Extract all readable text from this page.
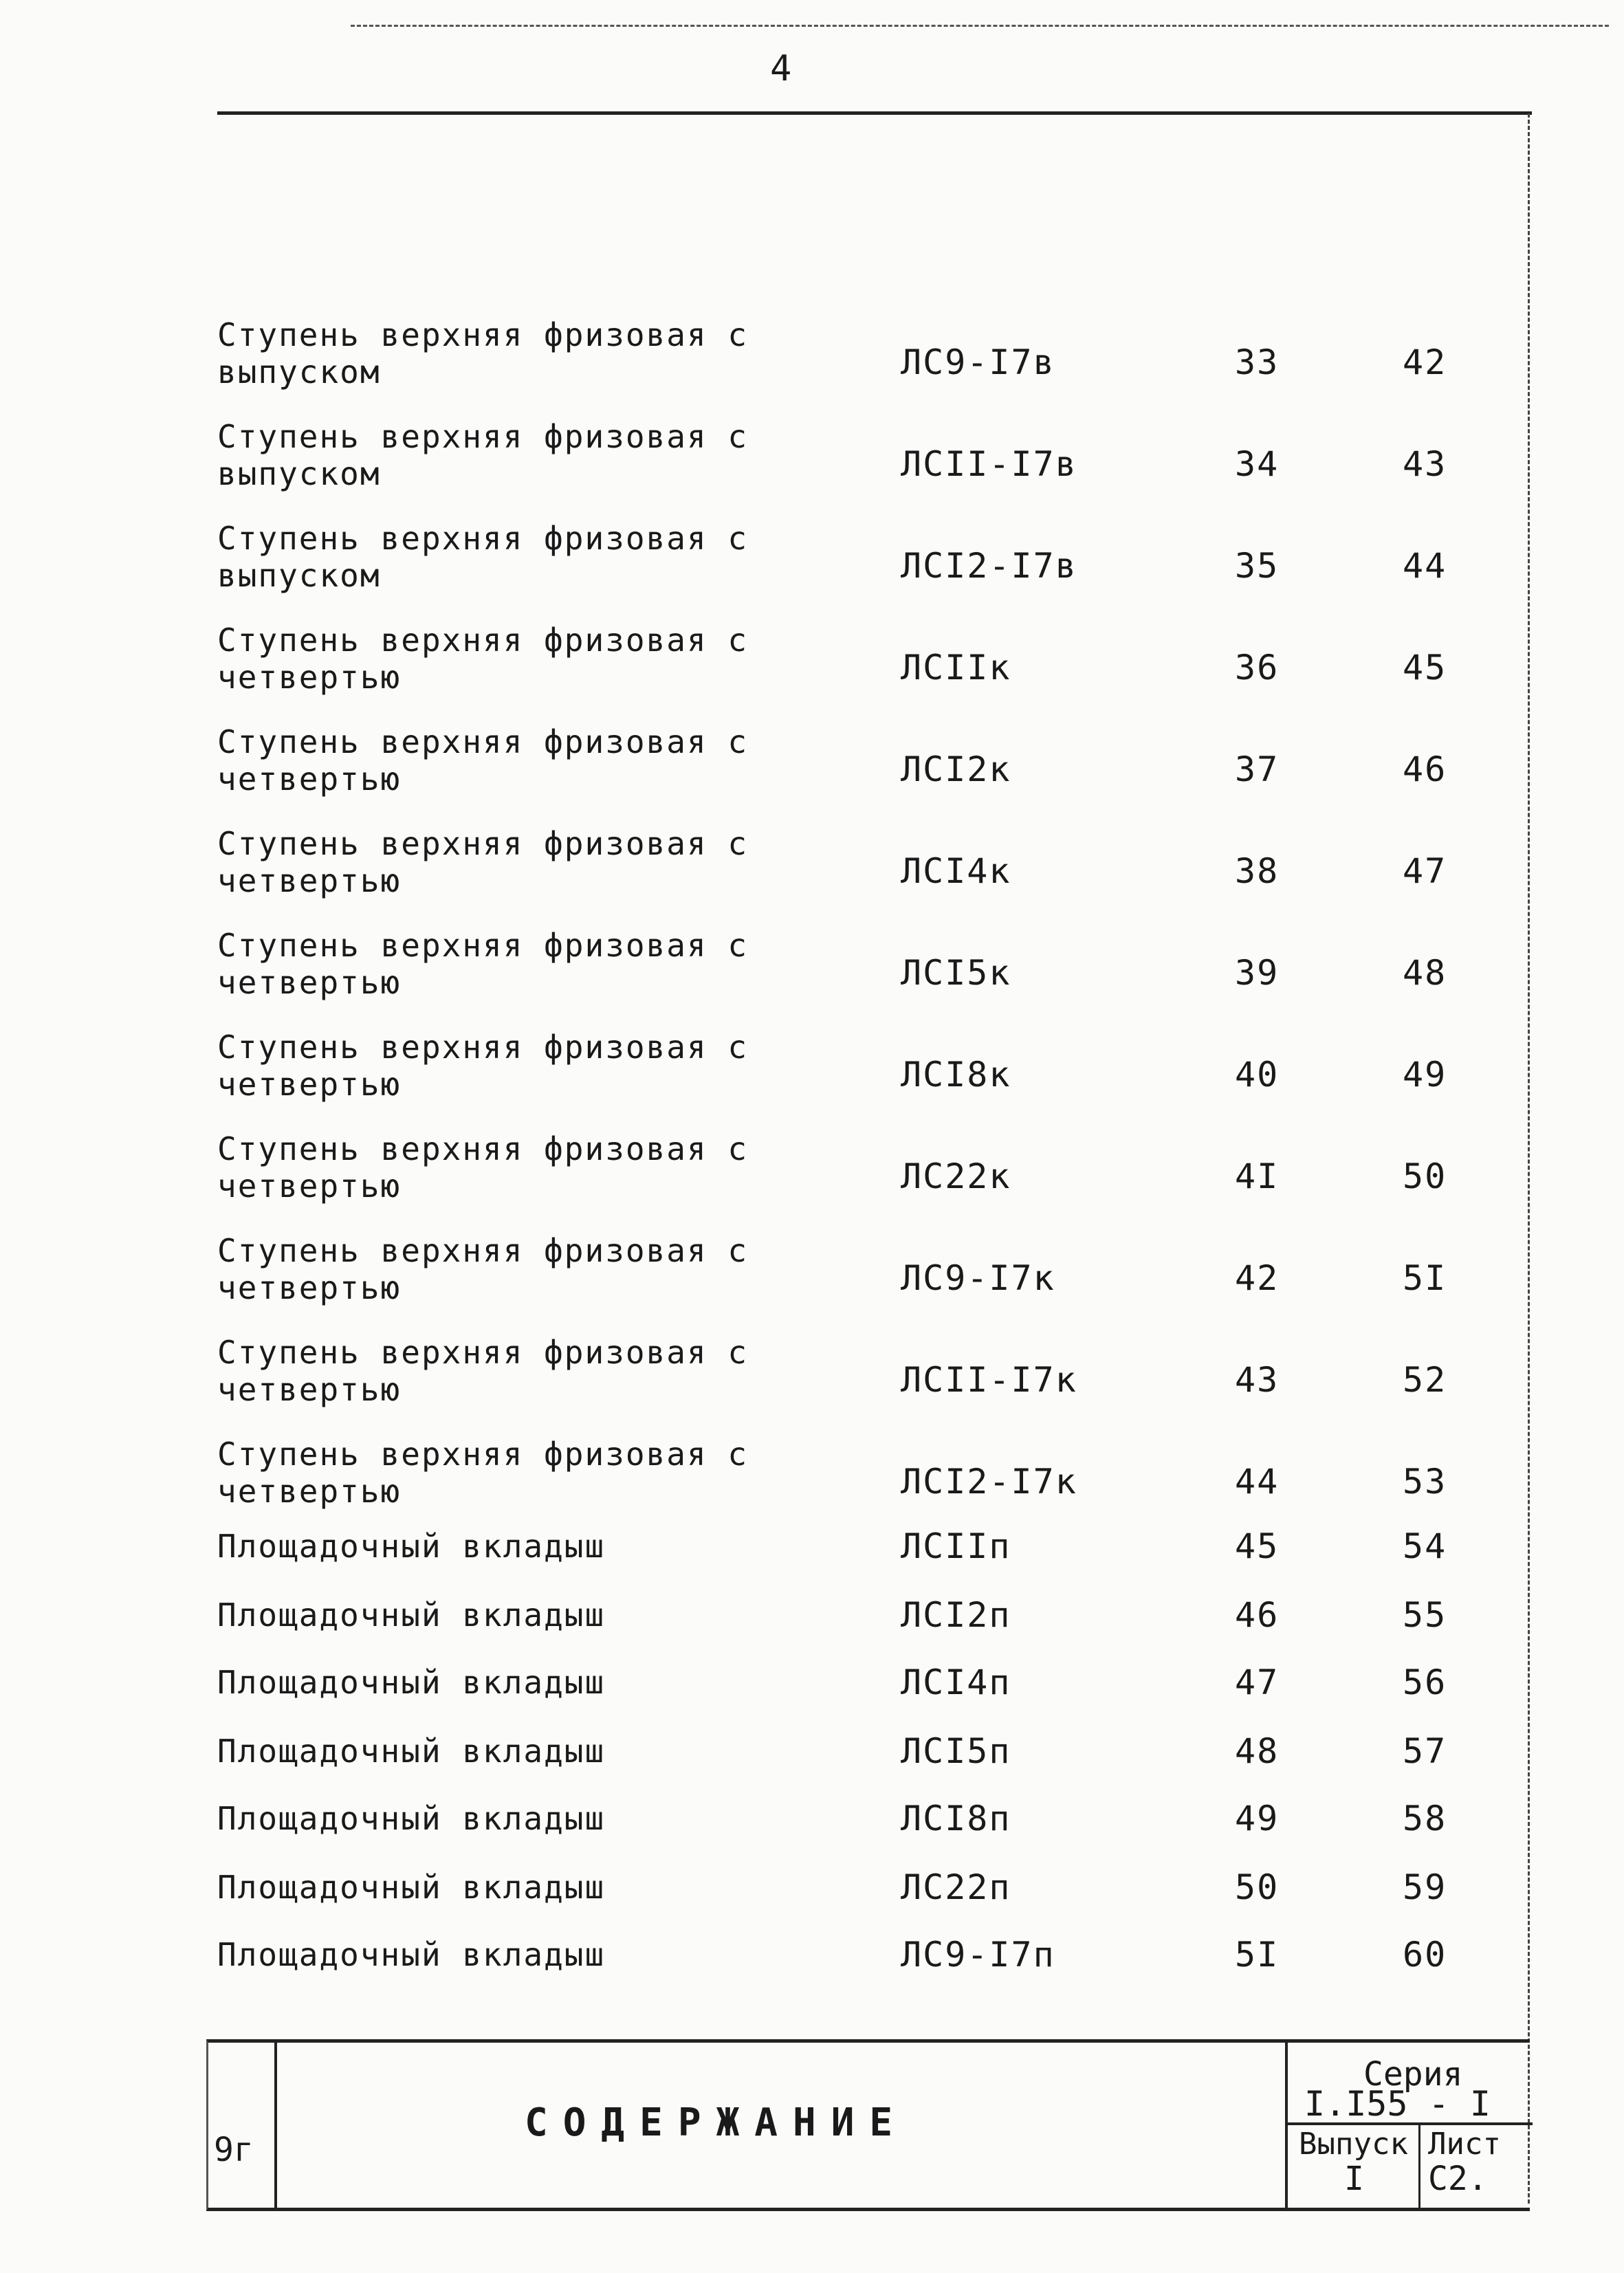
4
Ступень верхняя фризовая с
выпуском	ЛС9-I7в	33	42
Ступень верхняя фризовая с
выпуском	ЛСII-I7в	34	43
Ступень верхняя фризовая с
выпуском	ЛСI2-I7в	35	44
Ступень верхняя фризовая с
четвертью	ЛСIIк	36	45
Ступень верхняя фризовая с
четвертью	ЛСI2к	37	46
Ступень верхняя фризовая с
четвертью	ЛСI4к	38	47
Ступень верхняя фризовая с
четвертью	ЛСI5к	39	48
Ступень верхняя фризовая с
четвертью	ЛСI8к	40	49
Ступень верхняя фризовая с
четвертью	ЛС22к	4I	50
Ступень верхняя фризовая с
четвертью	ЛС9-I7к	42	5I
Ступень верхняя фризовая с
четвертью	ЛСII-I7к	43	52
Ступень верхняя фризовая с
четвертью	ЛСI2-I7к	44	53
Площадочный вкладыш	ЛСIIп	45	54
Площадочный вкладыш	ЛСI2п	46	55
Площадочный вкладыш	ЛСI4п	47	56
Площадочный вкладыш	ЛСI5п	48	57
Площадочный вкладыш	ЛСI8п	49	58
Площадочный вкладыш	ЛС22п	50	59
Площадочный вкладыш	ЛС9-I7п	5I	60
9г
СОДЕРЖАНИЕ
Серия
I.I55 - I
Выпуск
I
Лист
С2.
